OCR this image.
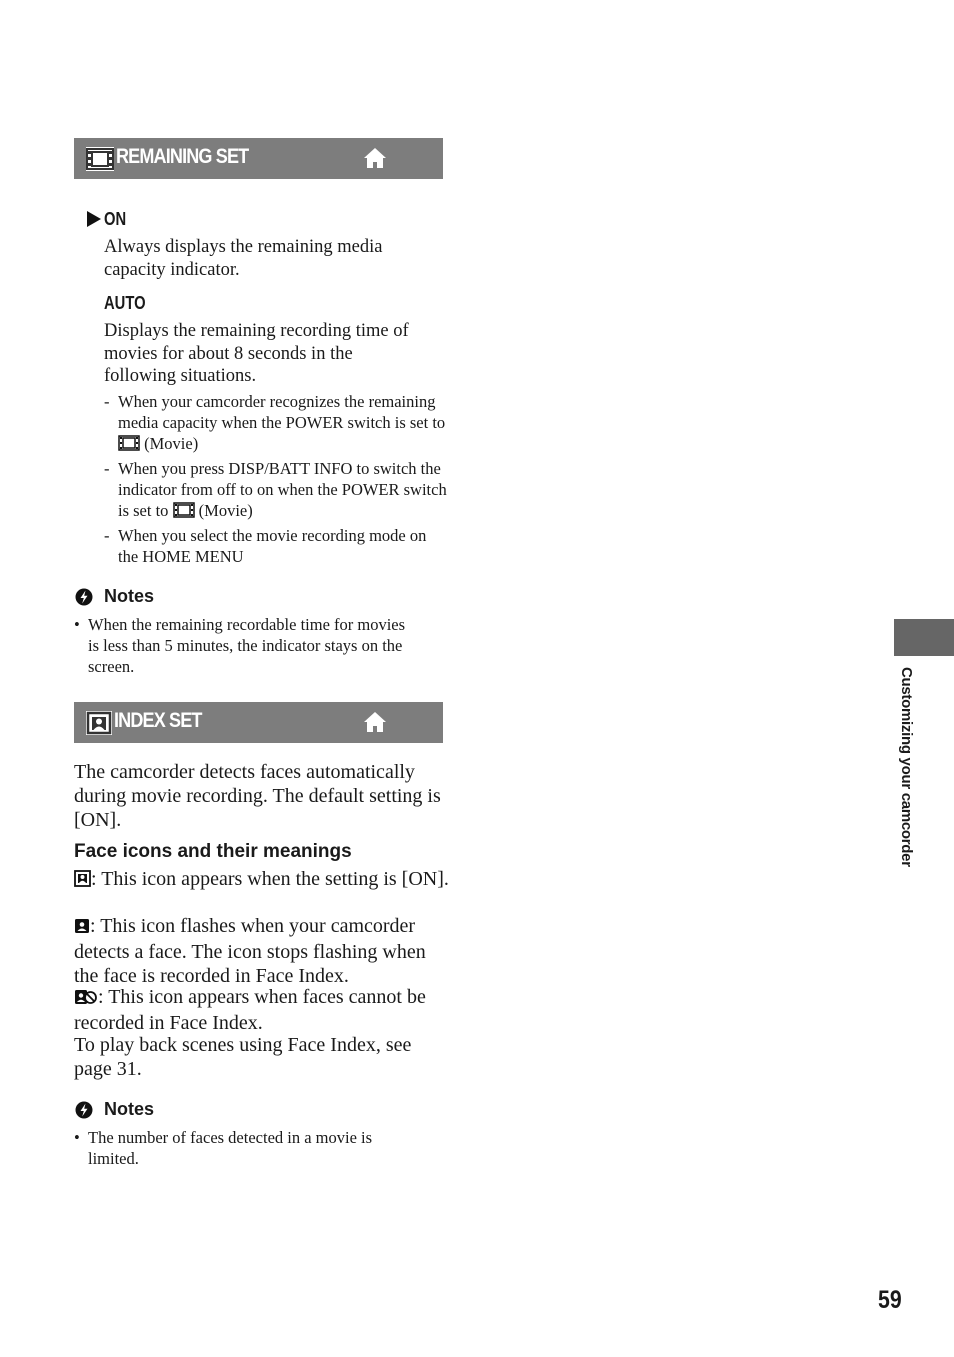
REMAINING SET
ON
Always displays the remaining media capacity indicator.
AUTO
Displays the remaining recording time of movies for about 8 seconds in the following situations.
- When your camcorder recognizes the remaining media capacity when the POWER switch is set to  (Movie)
- When you press DISP/BATT INFO to switch the indicator from off to on when the POWER switch is set to  (Movie)
- When you select the movie recording mode on the HOME MENU
Notes
• When the remaining recordable time for movies is less than 5 minutes, the indicator stays on the screen.
INDEX SET
The camcorder detects faces automatically during movie recording. The default setting is [ON].
Face icons and their meanings
: This icon appears when the setting is [ON].
: This icon flashes when your camcorder detects a face. The icon stops flashing when the face is recorded in Face Index.
: This icon appears when faces cannot be recorded in Face Index.
To play back scenes using Face Index, see page 31.
Notes
• The number of faces detected in a movie is limited.
Customizing your camcorder
59
